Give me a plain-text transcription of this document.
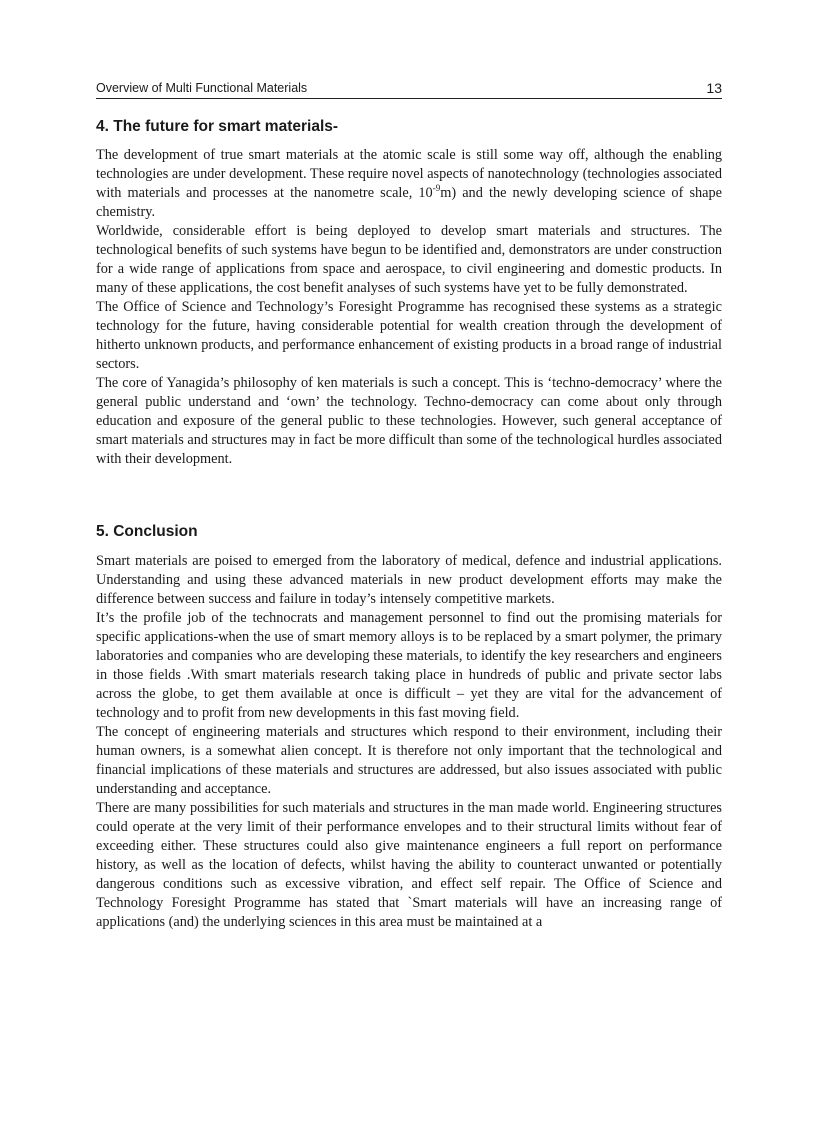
Overview of Multi Functional Materials	13
4. The future for smart materials-

The development of true smart materials at the atomic scale is still some way off, although the enabling technologies are under development. These require novel aspects of nanotechnology (technologies associated with materials and processes at the nanometre scale, $10^{-9}m$) and the newly developing science of shape chemistry.

Worldwide, considerable effort is being deployed to develop smart materials and structures. The technological benefits of such systems have begun to be identified and, demonstrators are under construction for a wide range of applications from space and aerospace, to civil engineering and domestic products. In many of these applications, the cost benefit analyses of such systems have yet to be fully demonstrated.

The Office of Science and Technology’s Foresight Programme has recognised these systems as a strategic technology for the future, having considerable potential for wealth creation through the development of hitherto unknown products, and performance enhancement of existing products in a broad range of industrial sectors.

The core of Yanagida’s philosophy of ken materials is such a concept. This is ‘techno-democracy’ where the general public understand and ‘own’ the technology. Techno-democracy can come about only through education and exposure of the general public to these technologies. However, such general acceptance of smart materials and structures may in fact be more difficult than some of the technological hurdles associated with their development.

5. Conclusion

Smart materials are poised to emerged from the laboratory of medical, defence and industrial applications. Understanding and using these advanced materials in new product development efforts may make the difference between success and failure in today’s intensely competitive markets.

It’s the profile job of the technocrats and management personnel to find out the promising materials for specific applications-when the use of smart memory alloys is to be replaced by a smart polymer, the primary laboratories and companies who are developing these materials, to identify the key researchers and engineers in those fields .With smart materials research taking place in hundreds of public and private sector labs across the globe, to get them available at once is difficult – yet they are vital for the advancement of technology and to profit from new developments in this fast moving field.

The concept of engineering materials and structures which respond to their environment, including their human owners, is a somewhat alien concept. It is therefore not only important that the technological and financial implications of these materials and structures are addressed, but also issues associated with public understanding and acceptance.

There are many possibilities for such materials and structures in the man made world. Engineering structures could operate at the very limit of their performance envelopes and to their structural limits without fear of exceeding either. These structures could also give maintenance engineers a full report on performance history, as well as the location of defects, whilst having the ability to counteract unwanted or potentially dangerous conditions such as excessive vibration, and effect self repair. The Office of Science and Technology Foresight Programme has stated that `Smart materials will have an increasing range of applications (and) the underlying sciences in this area must be maintained at a
